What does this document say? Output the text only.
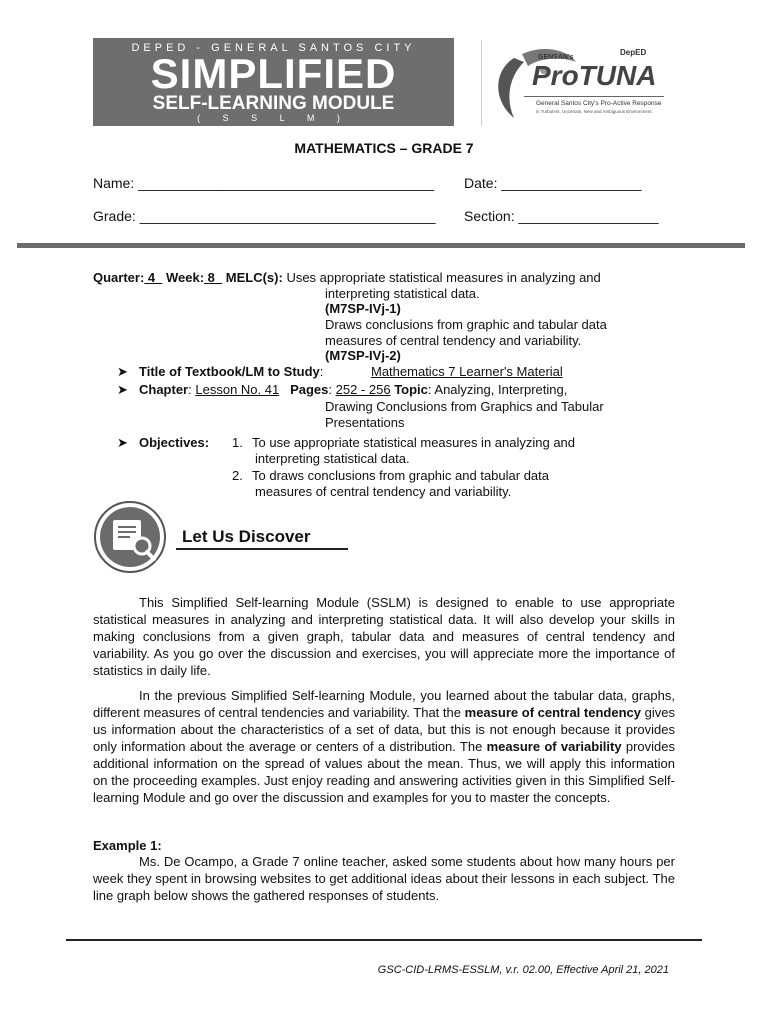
DEPED - GENERAL SANTOS CITY
SIMPLIFIED
SELF-LEARNING MODULE
( S S L M )
GENSAN's
DepED
ProTUNA
General Santos City's Pro-Active Response
in Turbulent, Uncertain, New and Ambiguous Environment
MATHEMATICS – GRADE 7
Name: ______________________________________ Date: __________________
Grade: ______________________________________ Section: __________________
Quarter: 4   Week: 8   MELC(s): Uses appropriate statistical measures in analyzing and
interpreting statistical data.
(M7SP-IVj-1)
Draws conclusions from graphic and tabular data
measures of central tendency and variability.
(M7SP-IVj-2)
➤ Title of Textbook/LM to Study:	Mathematics 7 Learner's Material
➤ Chapter: Lesson No. 41 Pages: 252 - 256 Topic: Analyzing, Interpreting,
Drawing Conclusions from Graphics and Tabular
Presentations
➤ Objectives: 1. To use appropriate statistical measures in analyzing and
interpreting statistical data.
2. To draws conclusions from graphic and tabular data
measures of central tendency and variability.
Let Us Discover

This Simplified Self-learning Module (SSLM) is designed to enable to use appropriate statistical measures in analyzing and interpreting statistical data. It will also develop your skills in making conclusions from a given graph, tabular data and measures of central tendency and variability. As you go over the discussion and exercises, you will appreciate more the importance of statistics in daily life.

In the previous Simplified Self-learning Module, you learned about the tabular data, graphs, different measures of central tendencies and variability. That the measure of central tendency gives us information about the characteristics of a set of data, but this is not enough because it provides only information about the average or centers of a distribution. The measure of variability provides additional information on the spread of values about the mean. Thus, we will apply this information on the proceeding examples. Just enjoy reading and answering activities given in this Simplified Self-learning Module and go over the discussion and examples for you to master the concepts.

Example 1:

Ms. De Ocampo, a Grade 7 online teacher, asked some students about how many hours per week they spent in browsing websites to get additional ideas about their lessons in each subject. The line graph below shows the gathered responses of students.

GSC-CID-LRMS-ESSLM, v.r. 02.00, Effective April 21, 2021
